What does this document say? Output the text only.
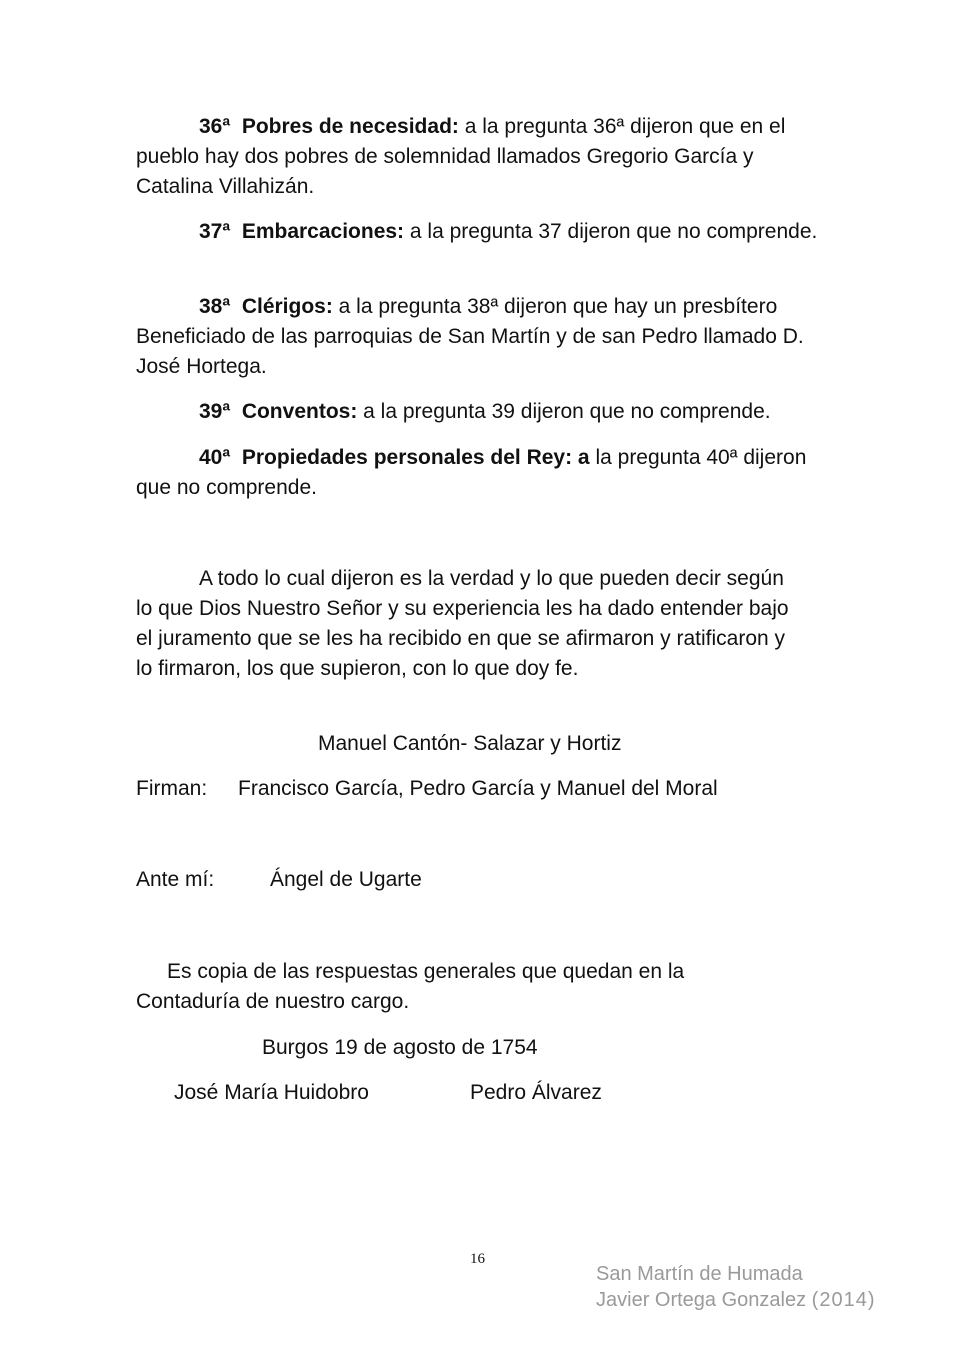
36ª Pobres de necesidad: a la pregunta 36ª dijeron que en el pueblo hay dos pobres de solemnidad llamados Gregorio García y Catalina Villahizán.

37ª Embarcaciones: a la pregunta 37 dijeron que no comprende.

38ª Clérigos: a la pregunta 38ª dijeron que hay un presbítero Beneficiado de las parroquias de San Martín y de san Pedro llamado D. José Hortega.

39ª Conventos: a la pregunta 39 dijeron que no comprende.

40ª Propiedades personales del Rey: a la pregunta 40ª dijeron que no comprende.

A todo lo cual dijeron es la verdad y lo que pueden decir según lo que Dios Nuestro Señor y su experiencia les ha dado entender bajo el juramento que se les ha recibido en que se afirmaron y ratificaron y lo firmaron, los que supieron, con lo que doy fe.

Manuel Cantón- Salazar y Hortiz
Firman: Francisco García, Pedro García y Manuel del Moral
Ante mí:	Ángel de Ugarte

Es copia de las respuestas generales que quedan en la Contaduría de nuestro cargo.

Burgos 19 de agosto de 1754
José María Huidobro	Pedro Álvarez
16
San Martín de Humada
Javier Ortega Gonzalez (2014)
